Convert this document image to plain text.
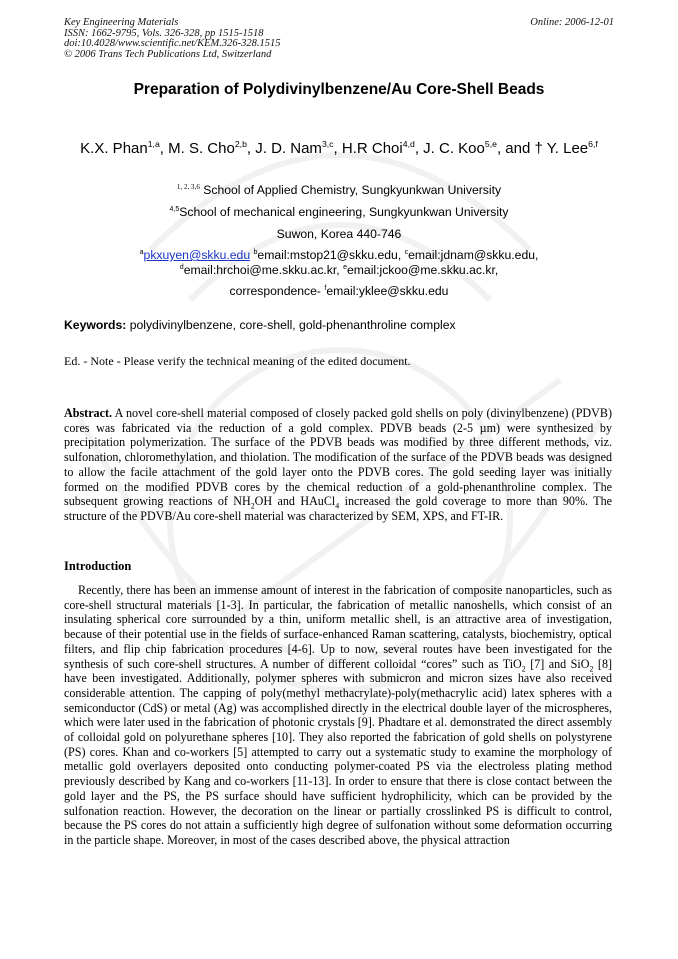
Key Engineering Materials
ISSN: 1662-9795, Vols. 326-328, pp 1515-1518
doi:10.4028/www.scientific.net/KEM.326-328.1515
© 2006 Trans Tech Publications Ltd, Switzerland
Online: 2006-12-01
Preparation of Polydivinylbenzene/Au Core-Shell Beads
K.X. Phan$^{1,a}$, M. S. Cho$^{2,b}$, J. D. Nam$^{3,c}$, H.R Choi$^{4,d}$, J. C. Koo$^{5,e}$, and † Y. Lee$^{6,f}$
$^{1, 2, 3,6}$ School of Applied Chemistry, Sungkyunkwan University
$^{4,5}$School of mechanical engineering, Sungkyunkwan University
Suwon, Korea 440-746
$^a$pkxuyen@skku.edu $^b$email:mstop21@skku.edu, $^c$email:jdnam@skku.edu,
$^d$email:hrchoi@me.skku.ac.kr, $^e$email:jckoo@me.skku.ac.kr,
correspondence- $^f$email:yklee@skku.edu
Keywords: polydivinylbenzene, core-shell, gold-phenanthroline complex
Ed. - Note - Please verify the technical meaning of the edited document.
Abstract. A novel core-shell material composed of closely packed gold shells on poly (divinylbenzene) (PDVB) cores was fabricated via the reduction of a gold complex. PDVB beads (2-5 µm) were synthesized by precipitation polymerization. The surface of the PDVB beads was modified by three different methods, viz. sulfonation, chloromethylation, and thiolation. The modification of the surface of the PDVB beads was designed to allow the facile attachment of the gold layer onto the PDVB cores. The gold seeding layer was initially formed on the modified PDVB cores by the chemical reduction of a gold-phenanthroline complex. The subsequent growing reactions of $NH_2OH$ and HAuCl$_4$ increased the gold coverage to more than 90%. The structure of the PDVB/Au core-shell material was characterized by SEM, XPS, and FT-IR.
Introduction
Recently, there has been an immense amount of interest in the fabrication of composite nanoparticles, such as core-shell structural materials [1-3]. In particular, the fabrication of metallic nanoshells, which consist of an insulating spherical core surrounded by a thin, uniform metallic shell, is an attractive area of investigation, because of their potential use in the fields of surface-enhanced Raman scattering, catalysts, biochemistry, optical filters, and flip chip fabrication procedures [4-6]. Up to now, several routes have been investigated for the synthesis of such core-shell structures. A number of different colloidal “cores” such as TiO$_2$ [7] and SiO$_2$ [8] have been investigated. Additionally, polymer spheres with submicron and micron sizes have also received considerable attention. The capping of poly(methyl methacrylate)-poly(methacrylic acid) latex spheres with a semiconductor (CdS) or metal (Ag) was accomplished directly in the electrical double layer of the microspheres, which were later used in the fabrication of photonic crystals [9]. Phadtare et al. demonstrated the direct assembly of colloidal gold on polyurethane spheres [10]. They also reported the fabrication of gold shells on polystyrene (PS) cores. Khan and co-workers [5] attempted to carry out a systematic study to examine the morphology of metallic gold overlayers deposited onto conducting polymer-coated PS via the electroless plating method previously described by Kang and co-workers [11-13]. In order to ensure that there is close contact between the gold layer and the PS, the PS surface should have sufficient hydrophilicity, which can be provided by the sulfonation reaction. However, the decoration on the linear or partially crosslinked PS is difficult to control, because the PS cores do not attain a sufficiently high degree of sulfonation without some deformation occurring in the particle shape. Moreover, in most of the cases described above, the physical attraction
